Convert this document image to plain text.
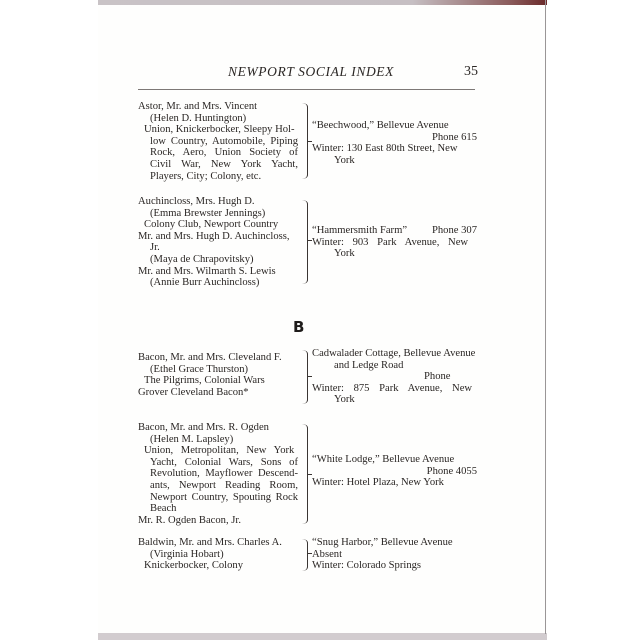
NEWPORT SOCIAL INDEX	35
Astor, Mr. and Mrs. Vincent
(Helen D. Huntington)
Union, Knickerbocker, Sleepy Hol-
low Country, Automobile, Piping
Rock, Aero, Union Society of
Civil War, New York Yacht,
Players, City; Colony, etc.
“Beechwood,” Bellevue Avenue
Phone 615
Winter: 130 East 80th Street, New
York
Auchincloss, Mrs. Hugh D.
(Emma Brewster Jennings)
Colony Club, Newport Country
Mr. and Mrs. Hugh D. Auchincloss,
Jr.
(Maya de Chrapovitsky)
Mr. and Mrs. Wilmarth S. Lewis
(Annie Burr Auchincloss)
“Hammersmith Farm” Phone 307
Winter: 903 Park Avenue, New
York
B
Bacon, Mr. and Mrs. Cleveland F.
(Ethel Grace Thurston)
The Pilgrims, Colonial Wars
Grover Cleveland Bacon*
Cadwalader Cottage, Bellevue Avenue
and Ledge Road
Phone
Winter: 875 Park Avenue, New
York
Bacon, Mr. and Mrs. R. Ogden
(Helen M. Lapsley)
Union, Metropolitan, New York
Yacht, Colonial Wars, Sons of
Revolution, Mayflower Descend-
ants, Newport Reading Room,
Newport Country, Spouting Rock
Beach
Mr. R. Ogden Bacon, Jr.
“White Lodge,” Bellevue Avenue
Phone 4055
Winter: Hotel Plaza, New York
Baldwin, Mr. and Mrs. Charles A.
(Virginia Hobart)
Knickerbocker, Colony
“Snug Harbor,” Bellevue Avenue
Absent
Winter: Colorado Springs
